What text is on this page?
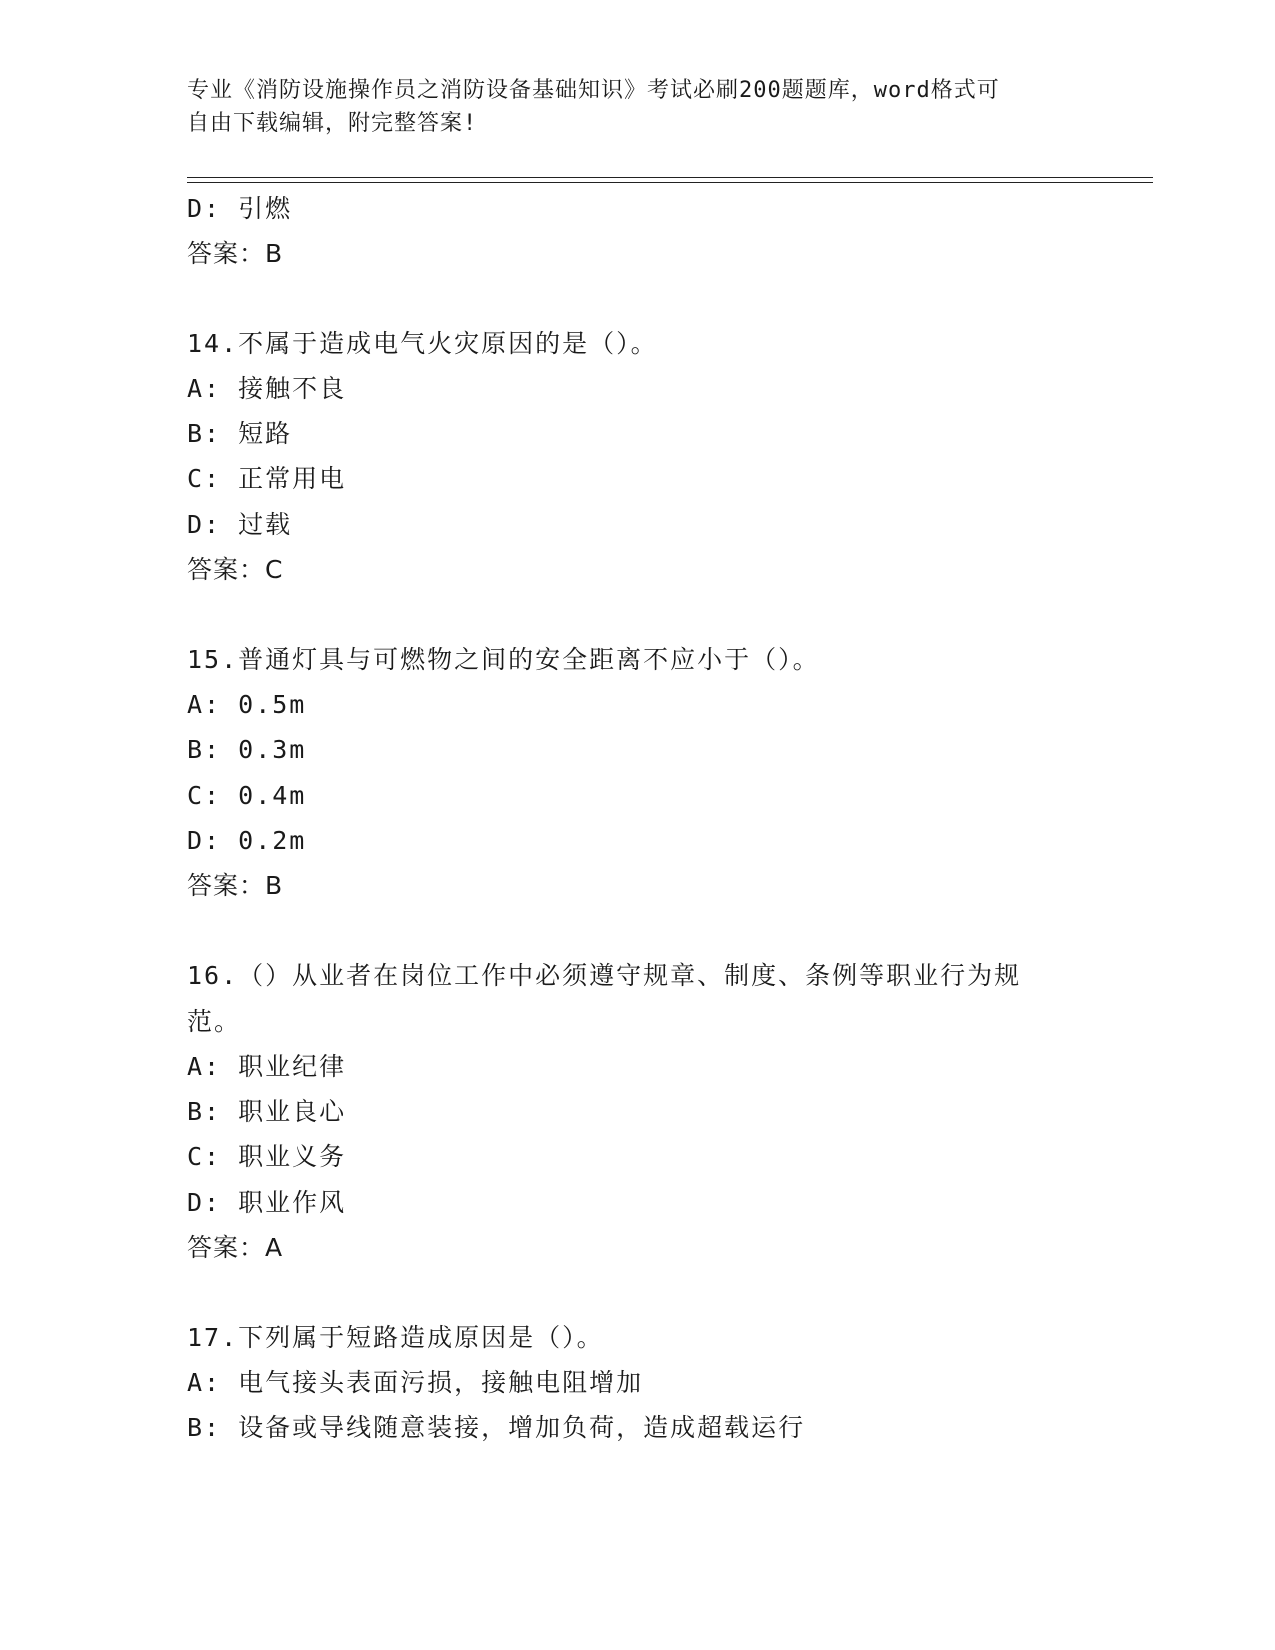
专业《消防设施操作员之消防设备基础知识》考试必刷200题题库，word格式可
自由下载编辑，附完整答案!
D: 引燃
答案：B
14.不属于造成电气火灾原因的是（）。
A: 接触不良
B: 短路
C: 正常用电
D: 过载
答案：C
15.普通灯具与可燃物之间的安全距离不应小于（）。
A: 0.5m
B: 0.3m
C: 0.4m
D: 0.2m
答案：B
16.（）从业者在岗位工作中必须遵守规章、制度、条例等职业行为规
范。
A: 职业纪律
B: 职业良心
C: 职业义务
D: 职业作风
答案：A
17.下列属于短路造成原因是（）。
A: 电气接头表面污损，接触电阻增加
B: 设备或导线随意装接，增加负荷，造成超载运行
